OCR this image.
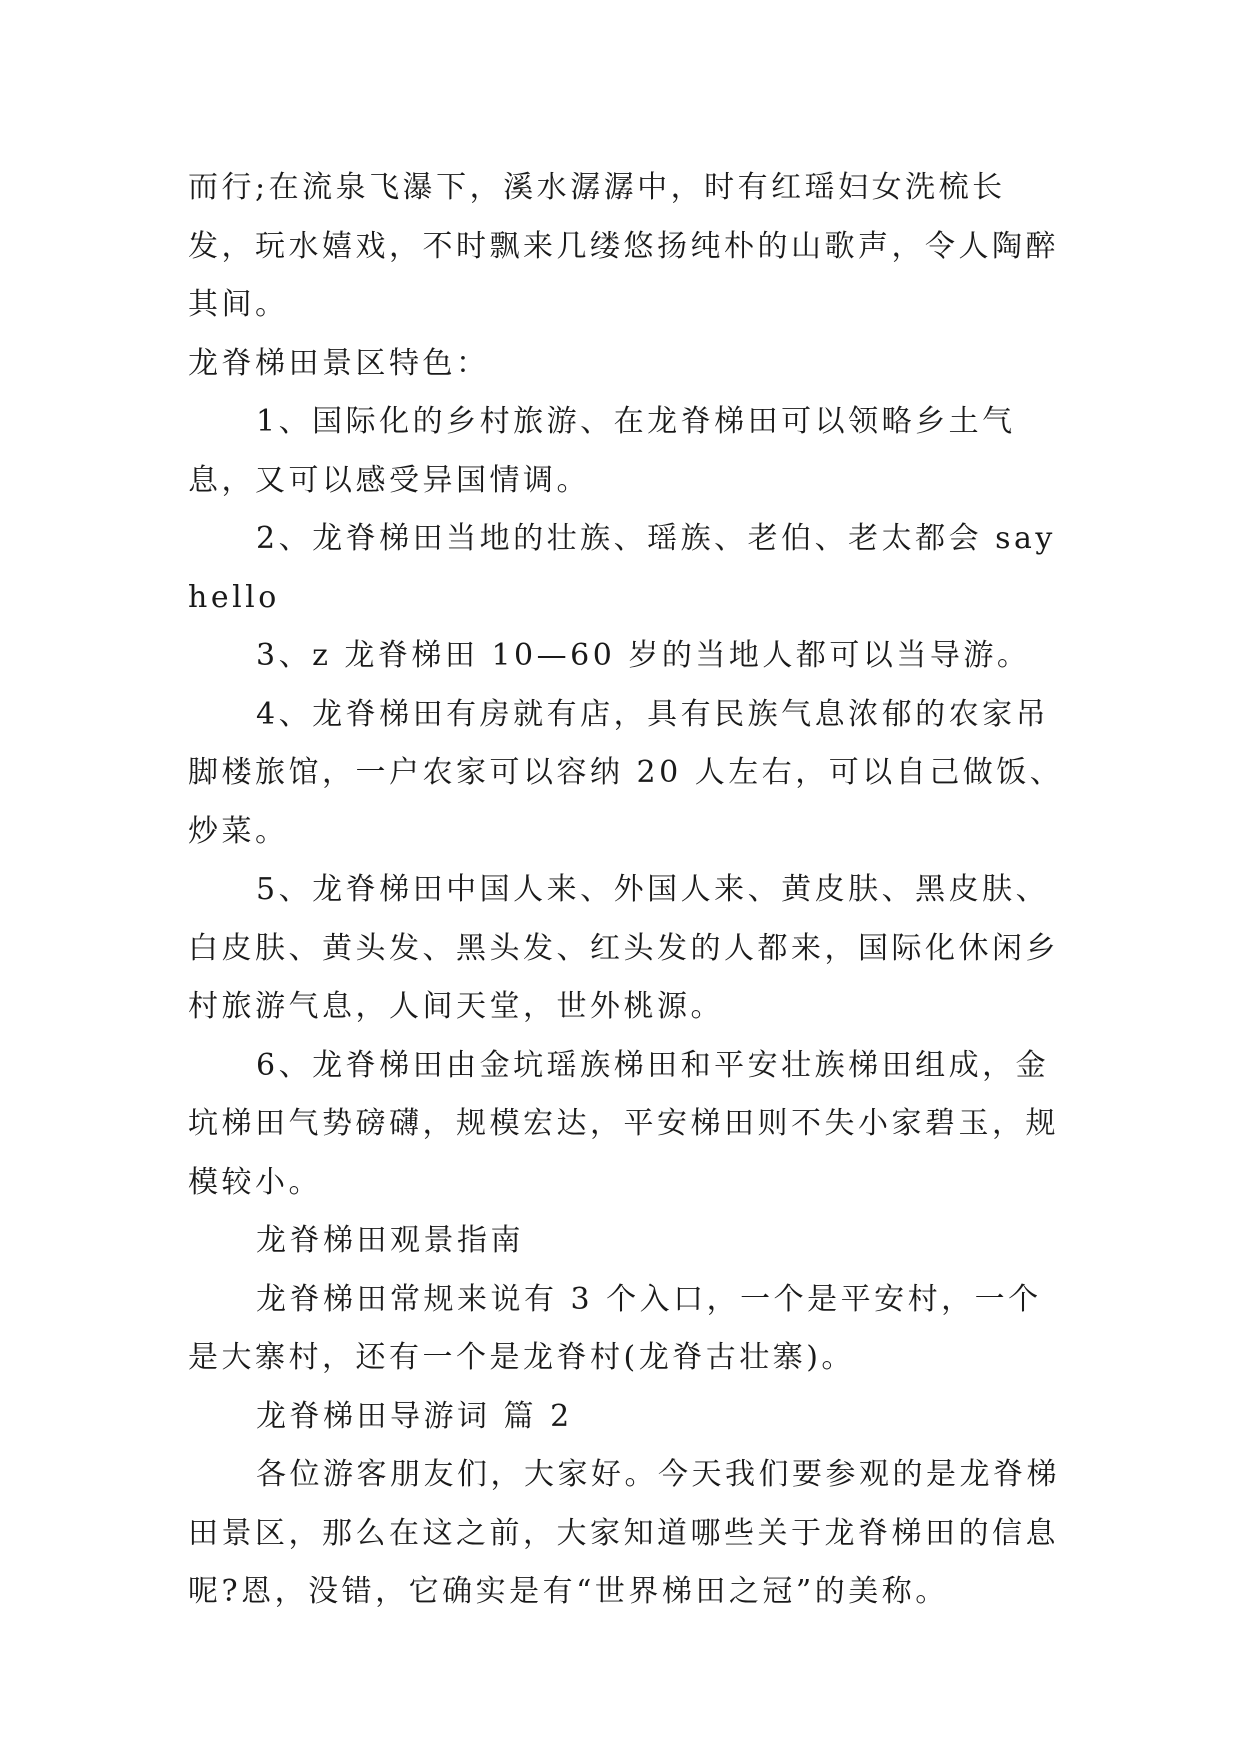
而行;在流泉飞瀑下，溪水潺潺中，时有红瑶妇女洗梳长发，玩水嬉戏，不时飘来几缕悠扬纯朴的山歌声，令人陶醉其间。

龙脊梯田景区特色：

1、国际化的乡村旅游、在龙脊梯田可以领略乡土气息，又可以感受异国情调。

2、龙脊梯田当地的壮族、瑶族、老伯、老太都会 say hello

3、z 龙脊梯田 10—60 岁的当地人都可以当导游。

4、龙脊梯田有房就有店，具有民族气息浓郁的农家吊脚楼旅馆，一户农家可以容纳 20 人左右，可以自己做饭、炒菜。

5、龙脊梯田中国人来、外国人来、黄皮肤、黑皮肤、白皮肤、黄头发、黑头发、红头发的人都来，国际化休闲乡村旅游气息，人间天堂，世外桃源。

6、龙脊梯田由金坑瑶族梯田和平安壮族梯田组成，金坑梯田气势磅礴，规模宏达，平安梯田则不失小家碧玉，规模较小。

龙脊梯田观景指南

龙脊梯田常规来说有 3 个入口，一个是平安村，一个是大寨村，还有一个是龙脊村(龙脊古壮寨)。

龙脊梯田导游词 篇 2

各位游客朋友们，大家好。今天我们要参观的是龙脊梯田景区，那么在这之前，大家知道哪些关于龙脊梯田的信息呢?恩，没错，它确实是有“世界梯田之冠”的美称。
